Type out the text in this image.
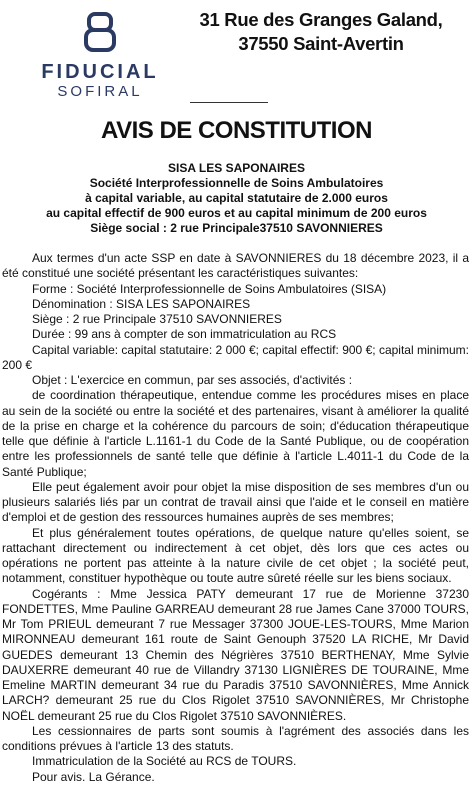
FIDUCIAL
SOFIRAL
31 Rue des Granges Galand,
37550 Saint-Avertin
AVIS DE CONSTITUTION
SISA LES SAPONAIRES
Société Interprofessionnelle de Soins Ambulatoires
à capital variable, au capital statutaire de 2.000 euros
au capital effectif de 900 euros et au capital minimum de 200 euros
Siège social : 2 rue Principale37510 SAVONNIERES

Aux termes d'un acte SSP en date à SAVONNIERES du 18 décembre 2023, il a été constitué une société présentant les caractéristiques suivantes:

Forme : Société Interprofessionnelle de Soins Ambulatoires (SISA)

Dénomination : SISA LES SAPONAIRES

Siège : 2 rue Principale 37510 SAVONNIERES

Durée : 99 ans à compter de son immatriculation au RCS

Capital variable: capital statutaire: 2 000 €; capital effectif: 900 €; capital minimum: 200 €

Objet : L'exercice en commun, par ses associés, d'activités :

de coordination thérapeutique, entendue comme les procédures mises en place au sein de la société ou entre la société et des partenaires, visant à améliorer la qualité de la prise en charge et la cohérence du parcours de soin; d'éducation thérapeutique telle que définie à l'article L.1161-1 du Code de la Santé Publique, ou de coopération entre les professionnels de santé telle que définie à l'article L.4011-1 du Code de la Santé Publique;

Elle peut également avoir pour objet la mise disposition de ses membres d'un ou plusieurs salariés liés par un contrat de travail ainsi que l'aide et le conseil en matière d'emploi et de gestion des ressources humaines auprès de ses membres;

Et plus généralement toutes opérations, de quelque nature qu'elles soient, se rattachant directement ou indirectement à cet objet, dès lors que ces actes ou opérations ne portent pas atteinte à la nature civile de cet objet ; la société peut, notamment, constituer hypothèque ou toute autre sûreté réelle sur les biens sociaux.

Cogérants : Mme Jessica PATY demeurant 17 rue de Morienne 37230 FONDETTES, Mme Pauline GARREAU demeurant 28 rue James Cane 37000 TOURS, Mr Tom PRIEUL demeurant 7 rue Messager 37300 JOUE-LES-TOURS, Mme Marion MIRONNEAU demeurant 161 route de Saint Genouph 37520 LA RICHE, Mr David GUEDES demeurant 13 Chemin des Négrières 37510 BERTHENAY, Mme Sylvie DAUXERRE demeurant 40 rue de Villandry 37130 LIGNIÈRES DE TOURAINE, Mme Emeline MARTIN demeurant 34 rue du Paradis 37510 SAVONNIÈRES, Mme Annick LARCH? demeurant 25 rue du Clos Rigolet 37510 SAVONNIÈRES, Mr Christophe NOËL demeurant 25 rue du Clos Rigolet 37510 SAVONNIÈRES.

Les cessionnaires de parts sont soumis à l'agrément des associés dans les conditions prévues à l'article 13 des statuts.

Immatriculation de la Société au RCS de TOURS.

Pour avis. La Gérance.
